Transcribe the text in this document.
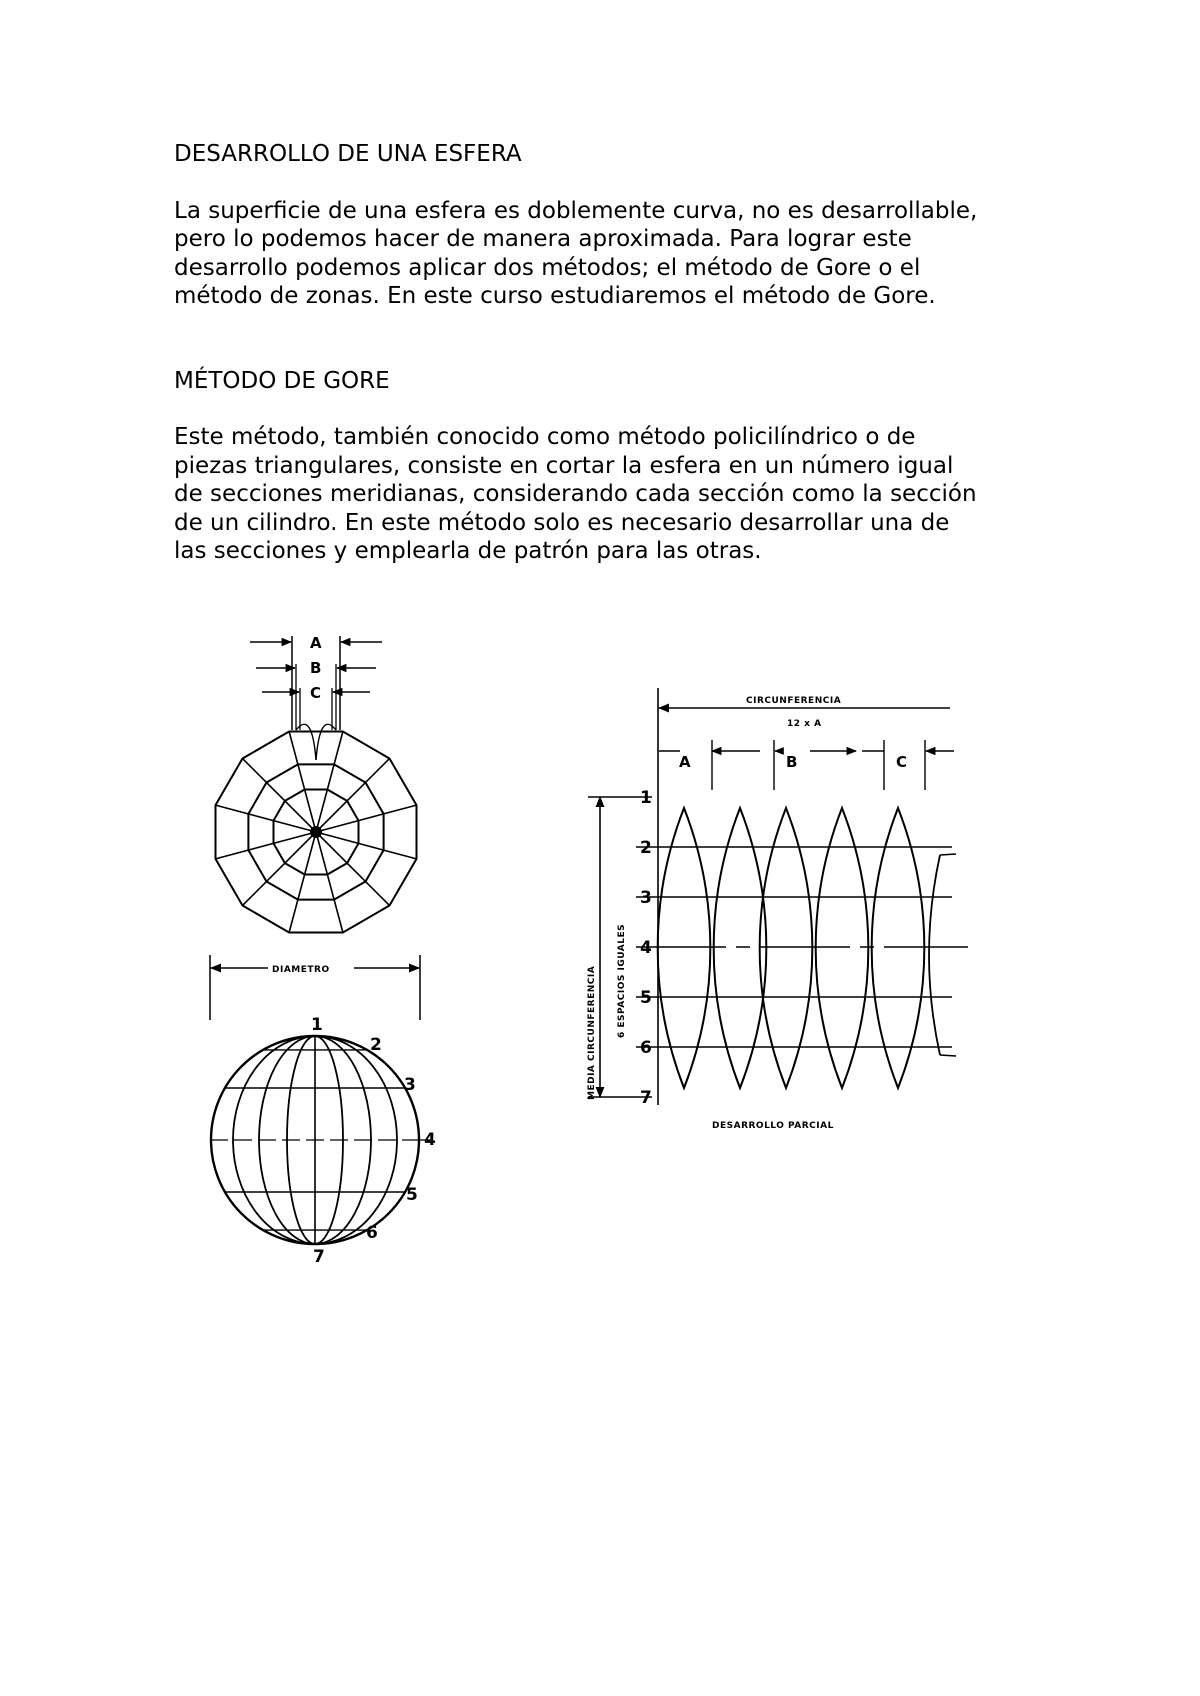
DESARROLLO DE UNA ESFERA

La superficie de una esfera es doblemente curva, no es desarrollable,

pero lo podemos hacer de manera aproximada. Para lograr este

desarrollo podemos aplicar dos métodos; el método de Gore o el

método de zonas. En este curso estudiaremos el método de Gore.

MÉTODO DE GORE

Este método, también conocido como método policilíndrico o de

piezas triangulares, consiste en cortar la esfera en un número igual

de secciones meridianas, considerando cada sección como la sección

de un cilindro. En este método solo es necesario desarrollar una de

las secciones y emplearla de patrón para las otras.

A
B
C
DIAMETRO
1
2
3
4
5
6
7
CIRCUNFERENCIA
12 x A
A	B	C
1
2
3
4
5
6
7
MEDIA CIRCUNFERENCIA 6 ESPACIOS IGUALES
DESARROLLO PARCIAL
